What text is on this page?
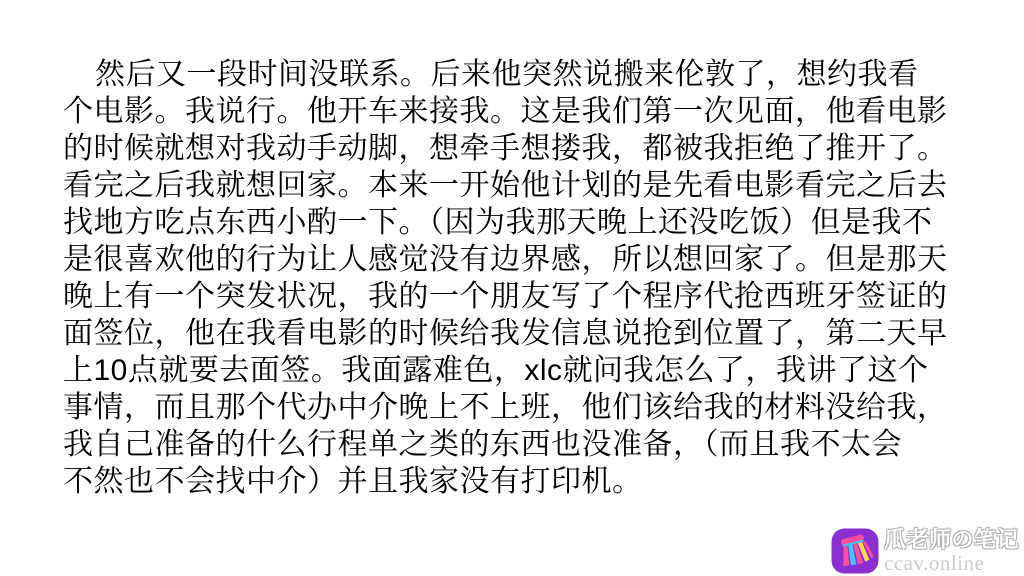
然后又一段时间没联系。后来他突然说搬来伦敦了，想约我看
个电影。我说行。他开车来接我。这是我们第一次见面，他看电影
的时候就想对我动手动脚，想牵手想搂我，都被我拒绝了推开了。
看完之后我就想回家。本来一开始他计划的是先看电影看完之后去
找地方吃点东西小酌一下。（因为我那天晚上还没吃饭）但是我不
是很喜欢他的行为让人感觉没有边界感，所以想回家了。但是那天
晚上有一个突发状况，我的一个朋友写了个程序代抢西班牙签证的
面签位，他在我看电影的时候给我发信息说抢到位置了，第二天早
上10点就要去面签。我面露难色，xlc就问我怎么了，我讲了这个
事情，而且那个代办中介晚上不上班，他们该给我的材料没给我，
我自己准备的什么行程单之类的东西也没准备，（而且我不太会
不然也不会找中介）并且我家没有打印机。
瓜老师の笔记
ccav.online
